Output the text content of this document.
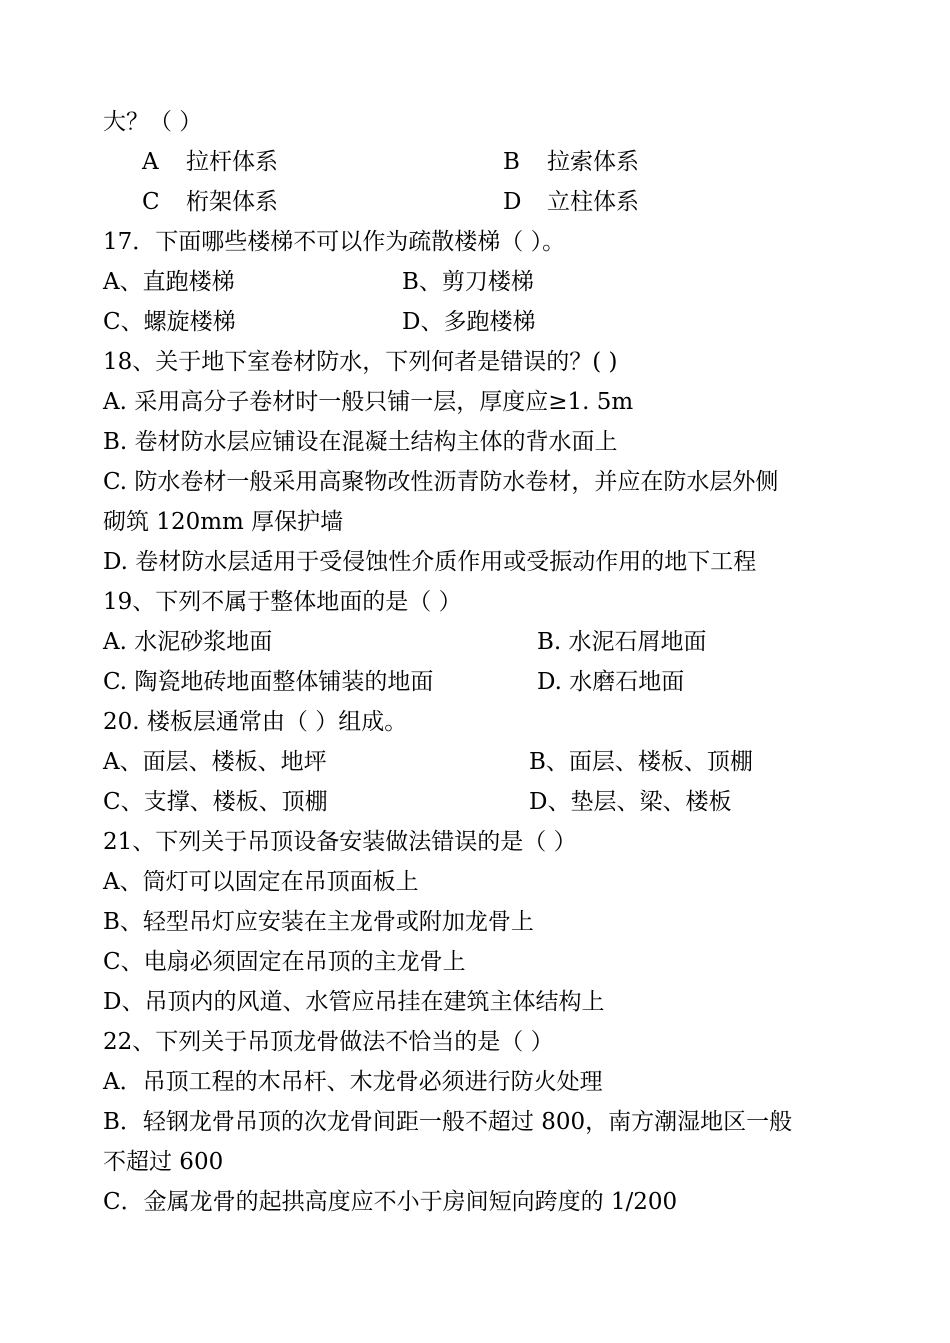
大？（ ）
A 拉杆体系	B 拉索体系
C 桁架体系	D 立柱体系
17．下面哪些楼梯不可以作为疏散楼梯（ ）。
A、直跑楼梯	B、剪刀楼梯
C、螺旋楼梯	D、多跑楼梯
18、关于地下室卷材防水，下列何者是错误的？( )
A. 采用高分子卷材时一般只铺一层，厚度应≥1. 5m
B. 卷材防水层应铺设在混凝土结构主体的背水面上
C. 防水卷材一般采用高聚物改性沥青防水卷材，并应在防水层外侧
砌筑 120mm 厚保护墙
D. 卷材防水层适用于受侵蚀性介质作用或受振动作用的地下工程
19、下列不属于整体地面的是（ ）
A. 水泥砂浆地面	B. 水泥石屑地面
C. 陶瓷地砖地面整体铺装的地面	D. 水磨石地面
20. 楼板层通常由（ ）组成。
A、面层、楼板、地坪	B、面层、楼板、顶棚
C、支撑、楼板、顶棚	D、垫层、梁、楼板
21、下列关于吊顶设备安装做法错误的是（ ）
A、筒灯可以固定在吊顶面板上
B、轻型吊灯应安装在主龙骨或附加龙骨上
C、电扇必须固定在吊顶的主龙骨上
D、吊顶内的风道、水管应吊挂在建筑主体结构上
22、下列关于吊顶龙骨做法不恰当的是（ ）
A．吊顶工程的木吊杆、木龙骨必须进行防火处理
B．轻钢龙骨吊顶的次龙骨间距一般不超过 800，南方潮湿地区一般
不超过 600
C．金属龙骨的起拱高度应不小于房间短向跨度的 1/200
